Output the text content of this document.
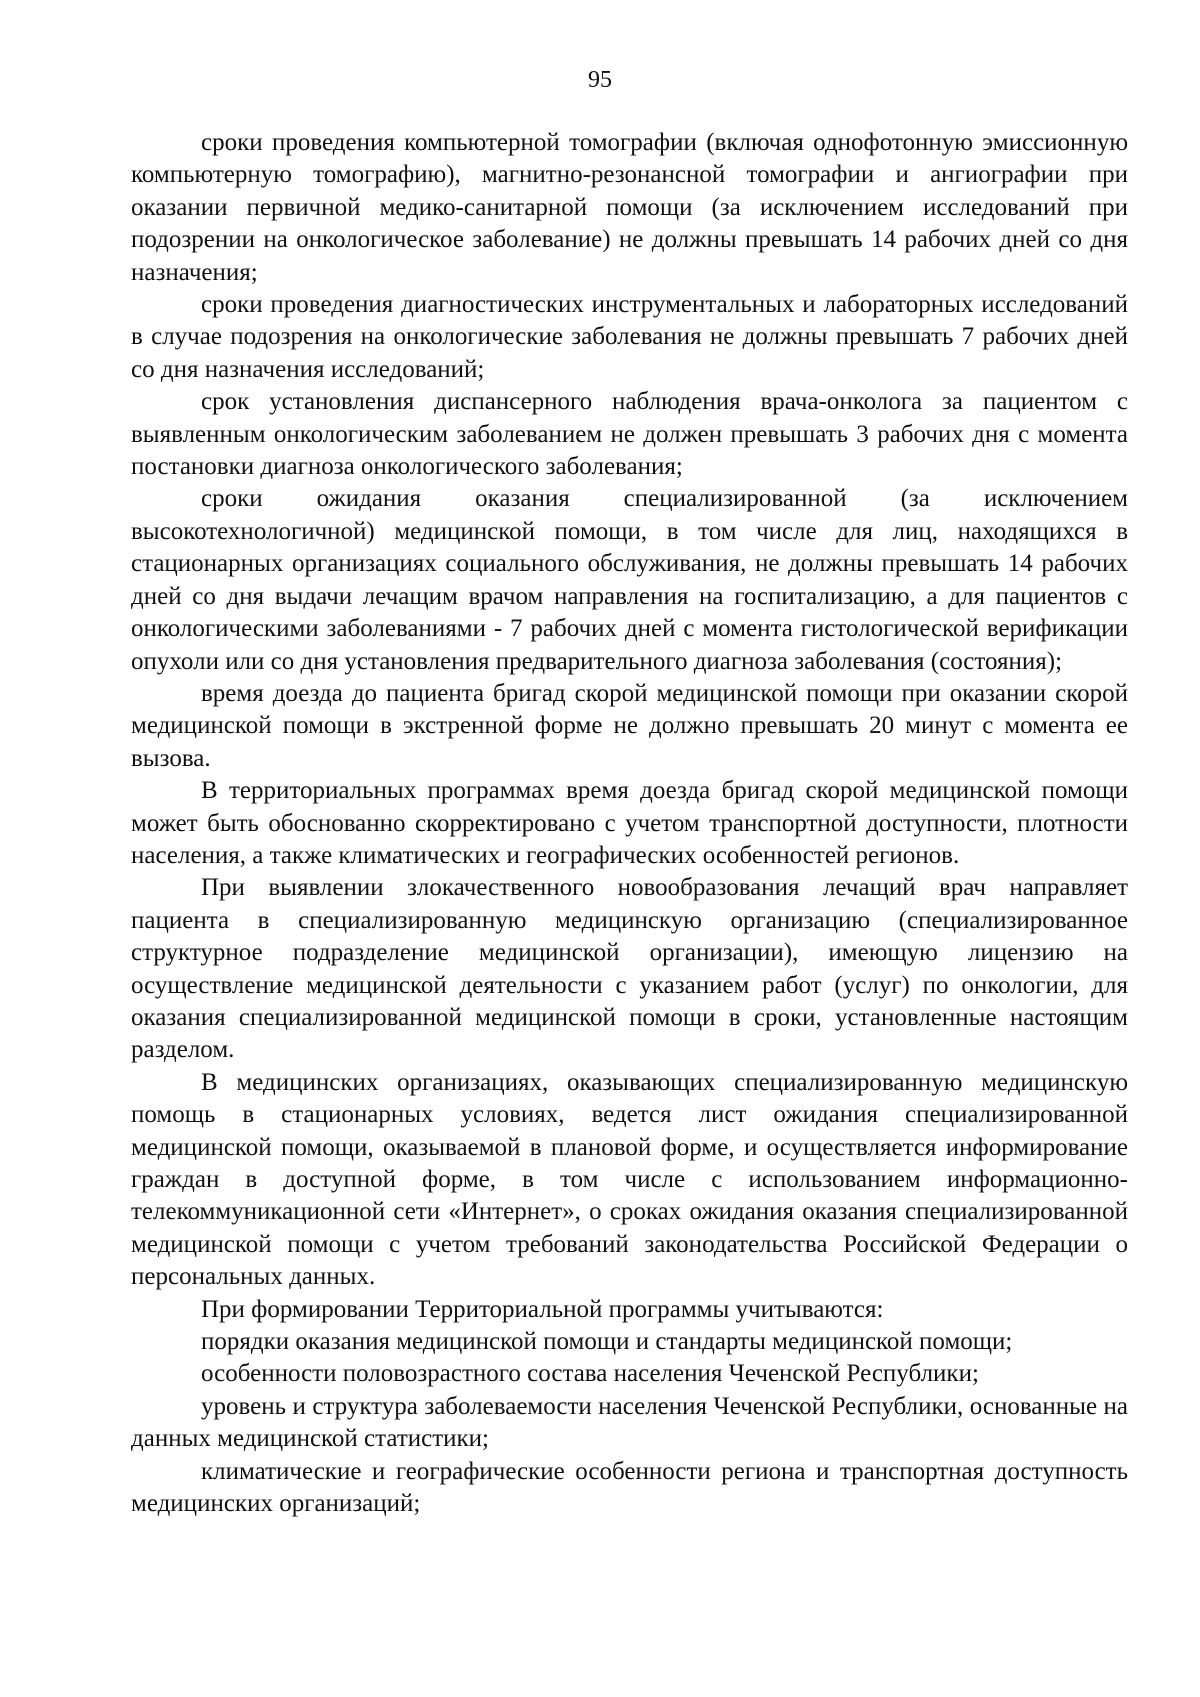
95

сроки проведения компьютерной томографии (включая однофотонную эмиссионную компьютерную томографию), магнитно-резонансной томографии и ангиографии при оказании первичной медико-санитарной помощи (за исключением исследований при подозрении на онкологическое заболевание) не должны превышать 14 рабочих дней со дня назначения;

сроки проведения диагностических инструментальных и лабораторных исследований в случае подозрения на онкологические заболевания не должны превышать 7 рабочих дней со дня назначения исследований;

срок установления диспансерного наблюдения врача-онколога за пациентом с выявленным онкологическим заболеванием не должен превышать 3 рабочих дня с момента постановки диагноза онкологического заболевания;

сроки ожидания оказания специализированной (за исключением высокотехнологичной) медицинской помощи, в том числе для лиц, находящихся в стационарных организациях социального обслуживания, не должны превышать 14 рабочих дней со дня выдачи лечащим врачом направления на госпитализацию, а для пациентов с онкологическими заболеваниями - 7 рабочих дней с момента гистологической верификации опухоли или со дня установления предварительного диагноза заболевания (состояния);

время доезда до пациента бригад скорой медицинской помощи при оказании скорой медицинской помощи в экстренной форме не должно превышать 20 минут с момента ее вызова.

В территориальных программах время доезда бригад скорой медицинской помощи может быть обоснованно скорректировано с учетом транспортной доступности, плотности населения, а также климатических и географических особенностей регионов.

При выявлении злокачественного новообразования лечащий врач направляет пациента в специализированную медицинскую организацию (специализированное структурное подразделение медицинской организации), имеющую лицензию на осуществление медицинской деятельности с указанием работ (услуг) по онкологии, для оказания специализированной медицинской помощи в сроки, установленные настоящим разделом.

В медицинских организациях, оказывающих специализированную медицинскую помощь в стационарных условиях, ведется лист ожидания специализированной медицинской помощи, оказываемой в плановой форме, и осуществляется информирование граждан в доступной форме, в том числе с использованием информационно-телекоммуникационной сети «Интернет», о сроках ожидания оказания специализированной медицинской помощи с учетом требований законодательства Российской Федерации о персональных данных.

При формировании Территориальной программы учитываются:

порядки оказания медицинской помощи и стандарты медицинской помощи;

особенности половозрастного состава населения Чеченской Республики;

уровень и структура заболеваемости населения Чеченской Республики, основанные на данных медицинской статистики;

климатические и географические особенности региона и транспортная доступность медицинских организаций;
